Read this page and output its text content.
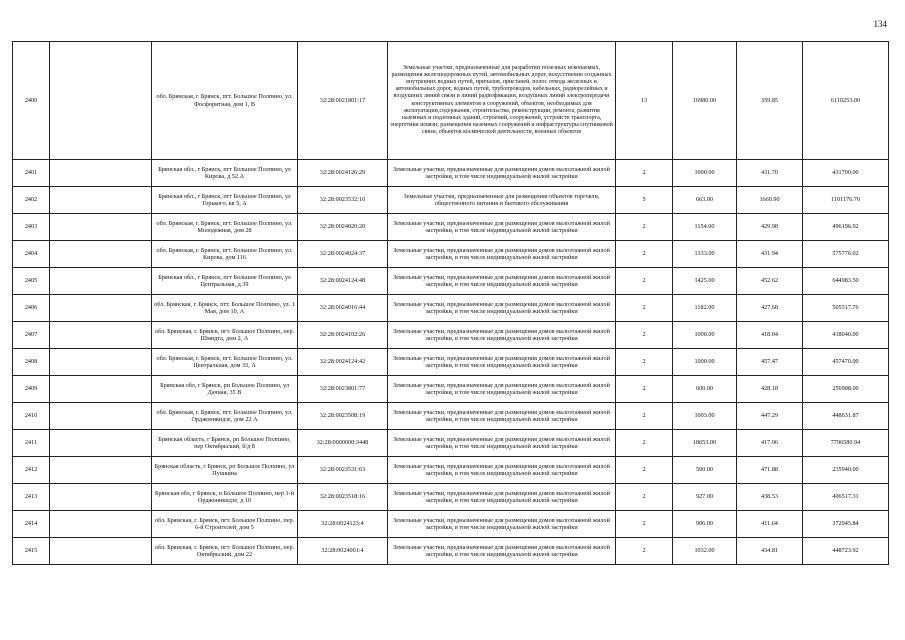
134
2400		обл. Брянская, г. Брянск, пгт. Большое Полпино, ул. Фосфоритная, дом 1, В	32:28:0021801:17	Земельные участки, предназначенные для разработки полезных ископаемых, размещения железнодорожных путей, автомобильных дорог, искусственно созданных внутренних водных путей, причалов, пристаней, полос отвода железных и автомобильных дорог, водных путей, трубопроводов, кабельных, радиорелейных и воздушных линий связи и линий радиофикации, воздушных линий электропередачи конструктивных элементов и сооружений, объектов, необходимых для эксплуатации,содержания, строительства, реконструкции, ремонта, развития наземных и подземных зданий, строений, сооружений, устройств транспорта, энергетики исвязи; размещения наземных сооружений и инфраструктуры спутниковой связи, объектов космической деятельности, военных объектов	13	16980.00	359.85	6110253.00
2401		Брянская обл., г Брянск, пгт Большое Полпино, ул Кирова, д 52 А	32:28:0024126:29	Земельные участки, предназначенные для размещения домов малоэтажной жилой застройки, в том числе индивидуальной жилой застройки	2	1000.00	431.70	431700.00
2402		Брянская обл., г Брянск, пгт Большое Полпино, ул Горького, кв 5, А	32:28:0023532:10	Земельные участки, предназначенные для размещения объектов торговли, общественного питания и бытового обслуживания	5	663.00	1660.90	1101176.70
2403		обл. Брянская, г. Брянск, пгт. Большое Полпино, ул. Молодежная, дом 28	32:28:0024020:20	Земельные участки, предназначенные для размещения домов малоэтажной жилой застройки, в том числе индивидуальной жилой застройки	2	1154.00	429.98	496196.92
2404		обл. Брянская, г. Брянск, пгт. Большое Полпино, ул. Кирова, дом 116	32:28:0024024:37	Земельные участки, предназначенные для размещения домов малоэтажной жилой застройки, в том числе индивидуальной жилой застройки	2	1333.00	431.94	575776.02
2405		Брянская обл., г Брянск, пгт Большое Полпино, ул Центральная, д 39	32:28:0024124:48	Земельные участки, предназначенные для размещения домов малоэтажной жилой застройки, в том числе индивидуальной жилой застройки	2	1425.00	452.62	644983.50
2406		обл. Брянская, г. Брянск, пгт. Большое Полпино, ул. 1 Мая, дом 10, А	32:28:0024016:44	Земельные участки, предназначенные для размещения домов малоэтажной жилой застройки, в том числе индивидуальной жилой застройки	2	1182.00	427.68	505517.76
2407		обл. Брянская, г. Брянск, пгт. Большое Полпино, пер. Шмидта, дом 2, А	32:28:0024102:26	Земельные участки, предназначенные для размещения домов малоэтажной жилой застройки, в том числе индивидуальной жилой застройки	2	1000.00	418.04	418040.00
2408		обл. Брянская, г. Брянск, пгт. Большое Полпино, ул. Центральная, дом 33, А	32:28:0024124:42	Земельные участки, предназначенные для размещения домов малоэтажной жилой застройки, в том числе индивидуальной жилой застройки	2	1000.00	457.47	457470.00
2409		Брянская обл, г Брянск, рп Большое Полпино, ул Дачная, 35 В	32:28:0023801:77	Земельные участки, предназначенные для размещения домов малоэтажной жилой застройки, в том числе индивидуальной жилой застройки	2	600.00	428.18	256908.00
2410		обл. Брянская, г. Брянск, пгт. Большое Полпино, ул. Орджоникидзе, дом 22 А	32:28:0023508:19	Земельные участки, предназначенные для размещения домов малоэтажной жилой застройки, в том числе индивидуальной жилой застройки	2	1003.00	447.29	448631.87
2411		Брянская область, г Брянск, рп Большое Полпино, пер Октябрьский, б/д 8	32:28:0000000:3448	Земельные участки, предназначенные для размещения домов малоэтажной жилой застройки, в том числе индивидуальной жилой застройки	2	18653.00	417.96	7796580.94
2412		Брянская область, г Брянск, рп Большое Полпино, ул Пушкина	32:28:0023531:63	Земельные участки, предназначенные для размещения домов малоэтажной жилой застройки, в том числе индивидуальной жилой застройки	2	500.00	471.88	235940.00
2413		Брянская обл, г Брянск, п Большое Полпино, пер 1-й Орджоникидзе, д 10	32:28:0023518:16	Земельные участки, предназначенные для размещения домов малоэтажной жилой застройки, в том числе индивидуальной жилой застройки	2	927.00	438.53	406517.31
2414		обл. Брянская, г. Брянск, пгт. Большое Полпино, пер. 6-й Строителей, дом 5	32:28:0024123:4	Земельные участки, предназначенные для размещения домов малоэтажной жилой застройки, в том числе индивидуальной жилой застройки	2	906.00	411.64	372945.84
2415		обл. Брянская, г. Брянск, пгт. Большое Полпино, пер. Октябрьский, дом 22	32:28:0024001:4	Земельные участки, предназначенные для размещения домов малоэтажной жилой застройки, в том числе индивидуальной жилой застройки	2	1032.00	434.81	448723.92
